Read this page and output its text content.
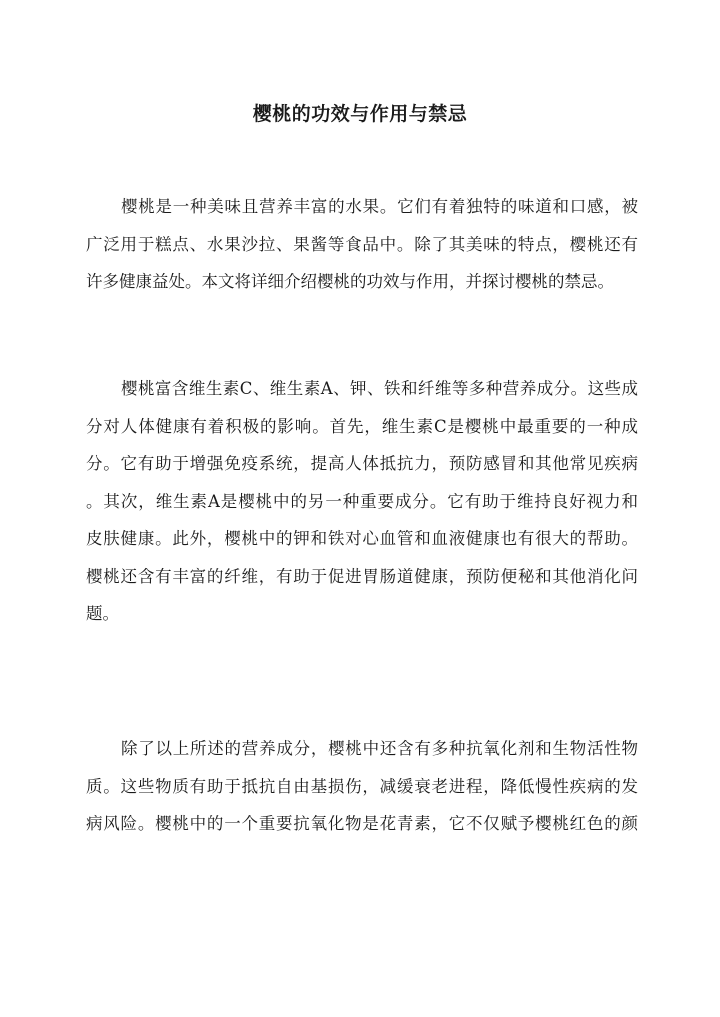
樱桃的功效与作用与禁忌

樱桃是一种美味且营养丰富的水果。它们有着独特的味道和口感，被
广泛用于糕点、水果沙拉、果酱等食品中。除了其美味的特点，樱桃还有
许多健康益处。本文将详细介绍樱桃的功效与作用，并探讨樱桃的禁忌。

樱桃富含维生素C、维生素A、钾、铁和纤维等多种营养成分。这些成
分对人体健康有着积极的影响。首先，维生素C是樱桃中最重要的一种成
分。它有助于增强免疫系统，提高人体抵抗力，预防感冒和其他常见疾病
。其次，维生素A是樱桃中的另一种重要成分。它有助于维持良好视力和
皮肤健康。此外，樱桃中的钾和铁对心血管和血液健康也有很大的帮助。
樱桃还含有丰富的纤维，有助于促进胃肠道健康，预防便秘和其他消化问
题。

除了以上所述的营养成分，樱桃中还含有多种抗氧化剂和生物活性物
质。这些物质有助于抵抗自由基损伤，减缓衰老进程，降低慢性疾病的发
病风险。樱桃中的一个重要抗氧化物是花青素，它不仅赋予樱桃红色的颜
